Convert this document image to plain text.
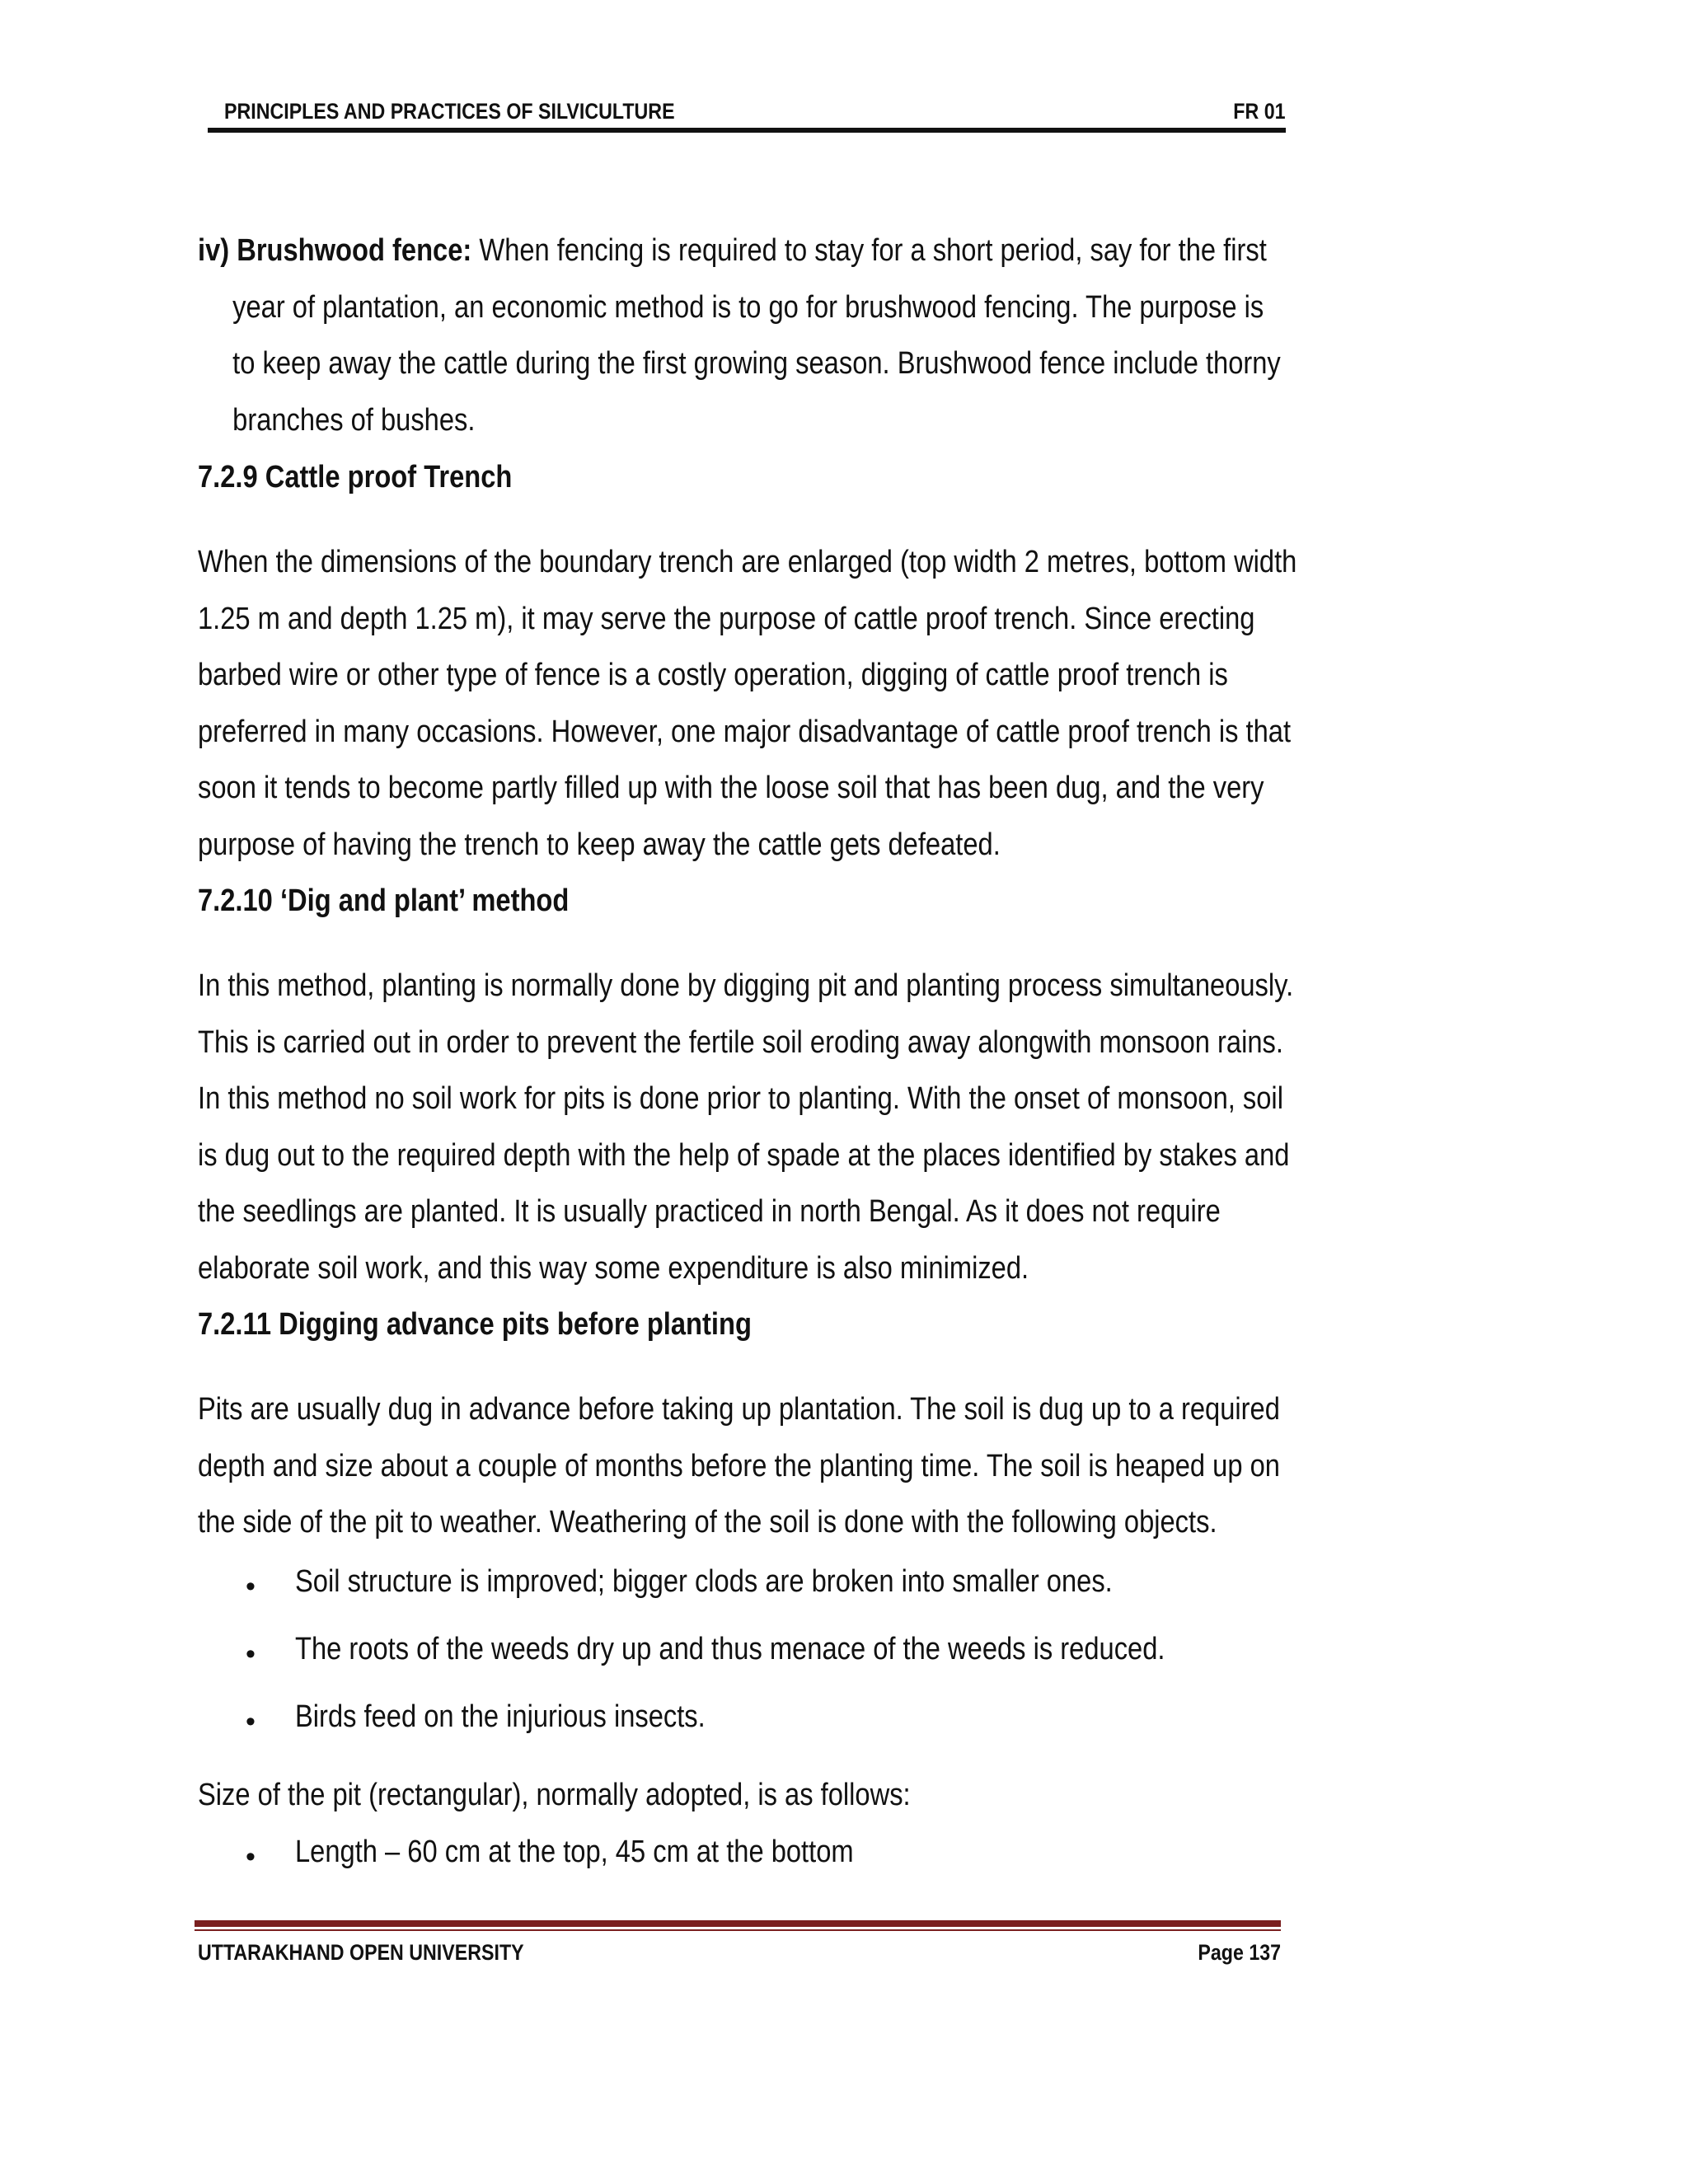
PRINCIPLES AND PRACTICES OF SILVICULTURE	FR 01
iv) Brushwood fence: When fencing is required to stay for a short period, say for the first
year of plantation, an economic method is to go for brushwood fencing. The purpose is
to keep away the cattle during the first growing season. Brushwood fence include thorny
branches of bushes.
7.2.9 Cattle proof Trench
When the dimensions of the boundary trench are enlarged (top width 2 metres, bottom width
1.25 m and depth 1.25 m), it may serve the purpose of cattle proof trench. Since erecting
barbed wire or other type of fence is a costly operation, digging of cattle proof trench is
preferred in many occasions. However, one major disadvantage of cattle proof trench is that
soon it tends to become partly filled up with the loose soil that has been dug, and the very
purpose of having the trench to keep away the cattle gets defeated.
7.2.10 ‘Dig and plant’ method
In this method, planting is normally done by digging pit and planting process simultaneously.
This is carried out in order to prevent the fertile soil eroding away alongwith monsoon rains.
In this method no soil work for pits is done prior to planting. With the onset of monsoon, soil
is dug out to the required depth with the help of spade at the places identified by stakes and
the seedlings are planted. It is usually practiced in north Bengal. As it does not require
elaborate soil work, and this way some expenditure is also minimized.
7.2.11 Digging advance pits before planting
Pits are usually dug in advance before taking up plantation. The soil is dug up to a required
depth and size about a couple of months before the planting time. The soil is heaped up on
the side of the pit to weather. Weathering of the soil is done with the following objects.
• Soil structure is improved; bigger clods are broken into smaller ones.
• The roots of the weeds dry up and thus menace of the weeds is reduced.
• Birds feed on the injurious insects.
Size of the pit (rectangular), normally adopted, is as follows:
• Length – 60 cm at the top, 45 cm at the bottom
UTTARAKHAND OPEN UNIVERSITY	Page 137
